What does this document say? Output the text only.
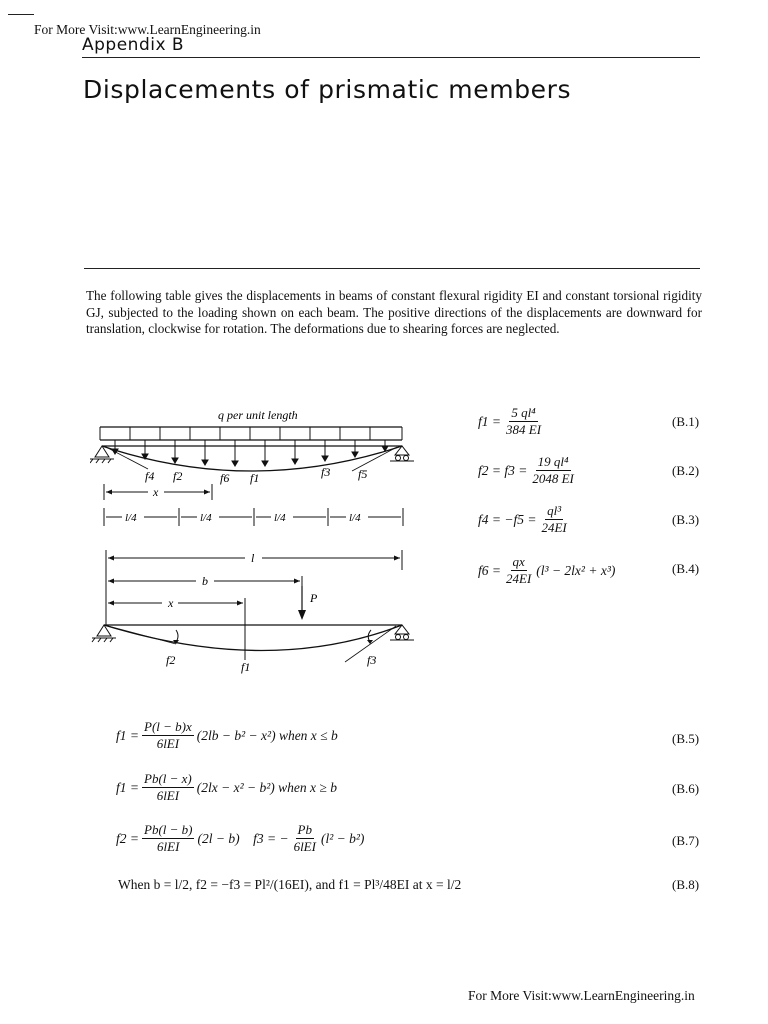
For More Visit:www.LearnEngineering.in
Appendix B
Displacements of prismatic members
The following table gives the displacements in beams of constant flexural rigidity EI and constant torsional rigidity GJ, subjected to the loading shown on each beam. The positive directions of the displacements are downward for translation, clockwise for rotation. The deformations due to shearing forces are neglected.
q per unit length
f4 f2	f6 f1	f3 f5
x
l/4	l/4	l/4	l/4
l
b
x	P
f2	f1	f3
$f1 = \frac{\text{5 ql⁴}}{384 EI}$	(B.1)
$f2 = f3 = \frac{\text{19 ql⁴}}{2048 EI}$	(B.2)
$f4 = -f5 = \frac{\text{ql³}}{24EI}$	(B.3)
$f6 = \frac{qx}{24EI} (l^3 - 2lx^2 + x^3)$	(B.4)
$f1 = \frac{P(l - b)x}{\text{6lEI}} (2lb - b^2 - x^2)$ when x ≤ b	(B.5)
$f1 = \frac{Pb(l - x)}{\text{6lEI}} (2lx - x^2 - b^2)$ when x ≥ b	(B.6)
$f2 = \frac{Pb(l - b)}{\text{6lEI}} (2l - b)$    f3 = − $\frac{Pb}{\text{6lEI}} (l^2 - b^2)$	(B.7)
When b = l/2, f2 = −f3 = Pl²/(16EI), and f1 = Pl³/48EI at x = l/2	(B.8)
For More Visit:www.LearnEngineering.in
